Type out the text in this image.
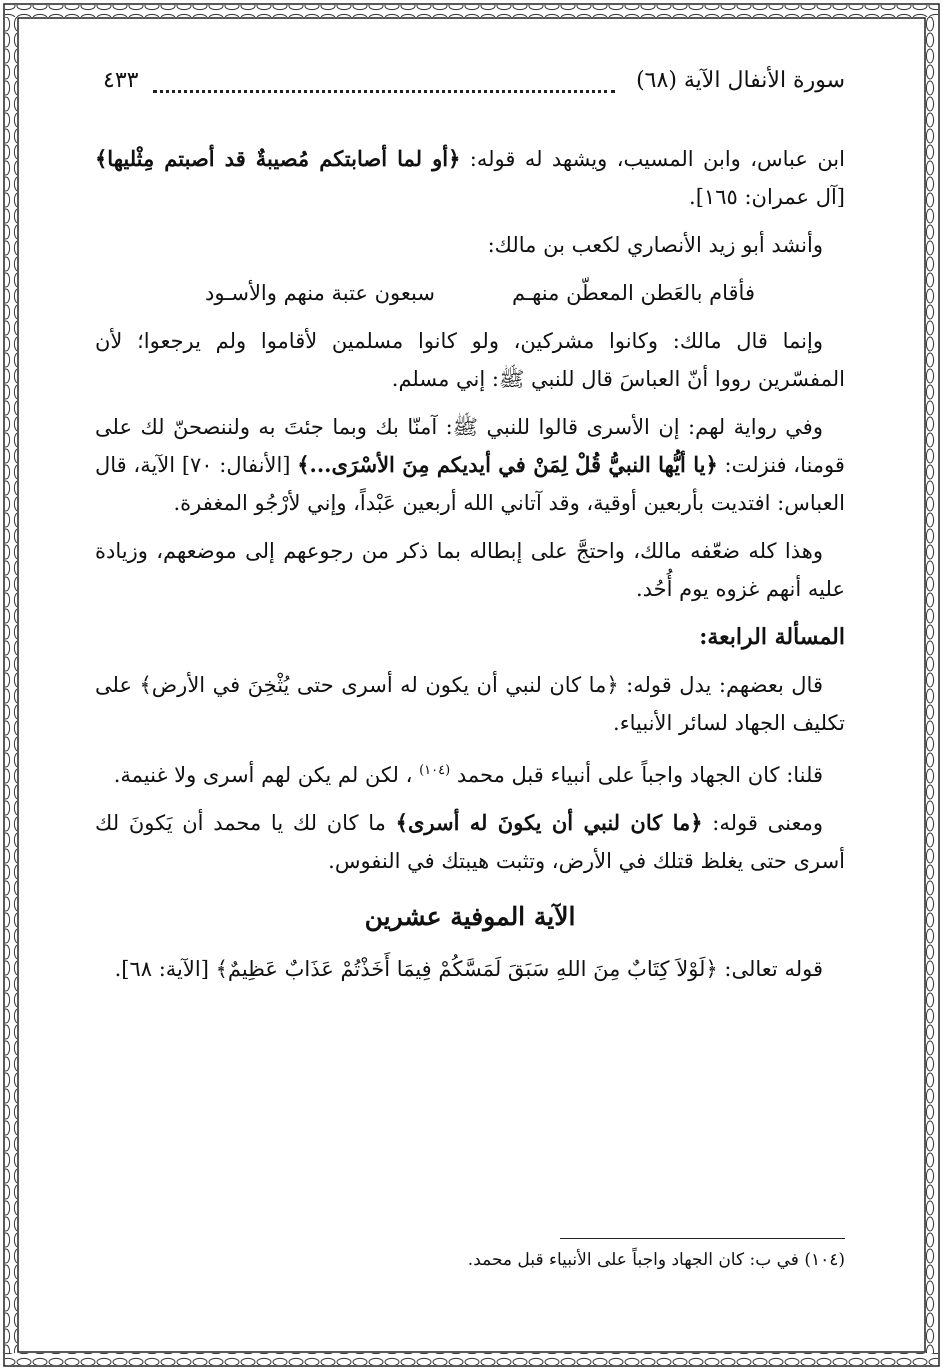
سورة الأنفال الآية (٦٨)
٤٣٣

ابن عباس، وابن المسيب، ويشهد له قوله: ﴿أو لما أصابتكم مُصيبةٌ قد أصبتم مِثْليها﴾ [آل عمران: ١٦٥].

وأنشد أبو زيد الأنصاري لكعب بن مالك:

فأقام بالعَطن المعطّن منهـم
سبعون عتبة منهم والأسـود

وإنما قال مالك: وكانوا مشركين، ولو كانوا مسلمين لأقاموا ولم يرجعوا؛ لأن المفسّرين رووا أنّ العباسَ قال للنبي ﷺ: إني مسلم.

وفي رواية لهم: إن الأسرى قالوا للنبي ﷺ: آمنّا بك وبما جئتَ به ولننصحنّ لك على قومنا، فنزلت: ﴿يا أيُّها النبيُّ قُلْ لِمَنْ في أيديكم مِنَ الأسْرَى...﴾ [الأنفال: ٧٠] الآية، قال العباس: افتديت بأربعين أوقية، وقد آتاني الله أربعين عَبْداً، وإني لأرْجُو المغفرة.

وهذا كله ضعّفه مالك، واحتجَّ على إبطاله بما ذكر من رجوعهم إلى موضعهم، وزيادة عليه أنهم غزوه يوم أُحُد.

المسألة الرابعة:

قال بعضهم: يدل قوله: ﴿ما كان لنبي أن يكون له أسرى حتى يُثْخِنَ في الأرض﴾ على تكليف الجهاد لسائر الأنبياء.

قلنا: كان الجهاد واجباً على أنبياء قبل محمد $^{(١٠٤)}$ ، لكن لم يكن لهم أسرى ولا غنيمة.

ومعنى قوله: ﴿ما كان لنبي أن يكونَ له أسرى﴾ ما كان لك يا محمد أن يَكونَ لك أسرى حتى يغلظ قتلك في الأرض، وتثبت هيبتك في النفوس.

الآية الموفية عشرين

قوله تعالى: ﴿لَوْلاَ كِتَابٌ مِنَ اللهِ سَبَقَ لَمَسَّكُمْ فِيمَا أَخَذْتُمْ عَذَابٌ عَظِيمٌ﴾ [الآية: ٦٨].

(١٠٤) في ب: كان الجهاد واجباً على الأنبياء قبل محمد.
